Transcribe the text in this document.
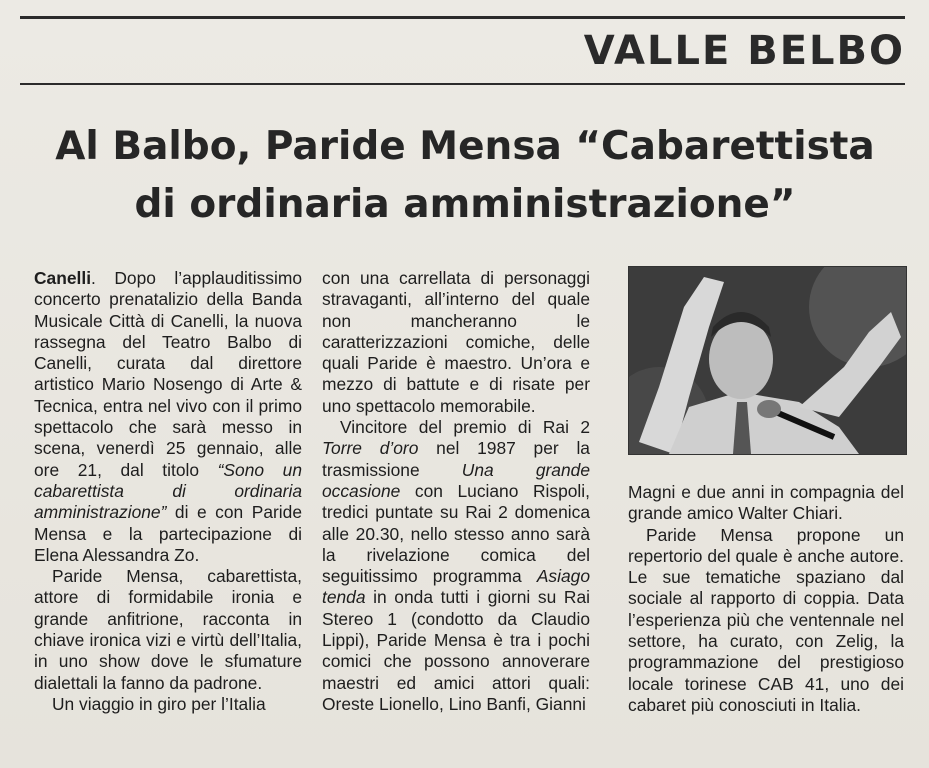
VALLE BELBO
Al Balbo, Paride Mensa “Cabarettista
di ordinaria amministrazione”

Canelli. Dopo l’applauditissimo concerto prenatalizio della Banda Musicale Città di Canelli, la nuova rassegna del Teatro Balbo di Canelli, curata dal direttore artistico Mario Nosengo di Arte & Tecnica, entra nel vivo con il primo spettacolo che sarà messo in scena, venerdì 25 gennaio, alle ore 21, dal titolo “Sono un cabarettista di ordinaria amministrazione” di e con Paride Mensa e la partecipazione di Elena Alessandra Zo.

Paride Mensa, cabarettista, attore di formidabile ironia e grande anfitrione, racconta in chiave ironica vizi e virtù dell’Italia, in uno show dove le sfumature dialettali la fanno da padrone.

Un viaggio in giro per l’Italia

con una carrellata di personaggi stravaganti, all’interno del quale non mancheranno le caratterizzazioni comiche, delle quali Paride è maestro. Un’ora e mezzo di battute e di risate per uno spettacolo memorabile.

Vincitore del premio di Rai 2 Torre d’oro nel 1987 per la trasmissione Una grande occasione con Luciano Rispoli, tredici puntate su Rai 2 domenica alle 20.30, nello stesso anno sarà la rivelazione comica del seguitissimo programma Asiago tenda in onda tutti i giorni su Rai Stereo 1 (condotto da Claudio Lippi), Paride Mensa è tra i pochi comici che possono annoverare maestri ed amici attori quali: Oreste Lionello, Lino Banfi, Gianni

Magni e due anni in compagnia del grande amico Walter Chiari.

Paride Mensa propone un repertorio del quale è anche autore. Le sue tematiche spaziano dal sociale al rapporto di coppia. Data l’esperienza più che ventennale nel settore, ha curato, con Zelig, la programmazione del prestigioso locale torinese CAB 41, uno dei cabaret più conosciuti in Italia.
